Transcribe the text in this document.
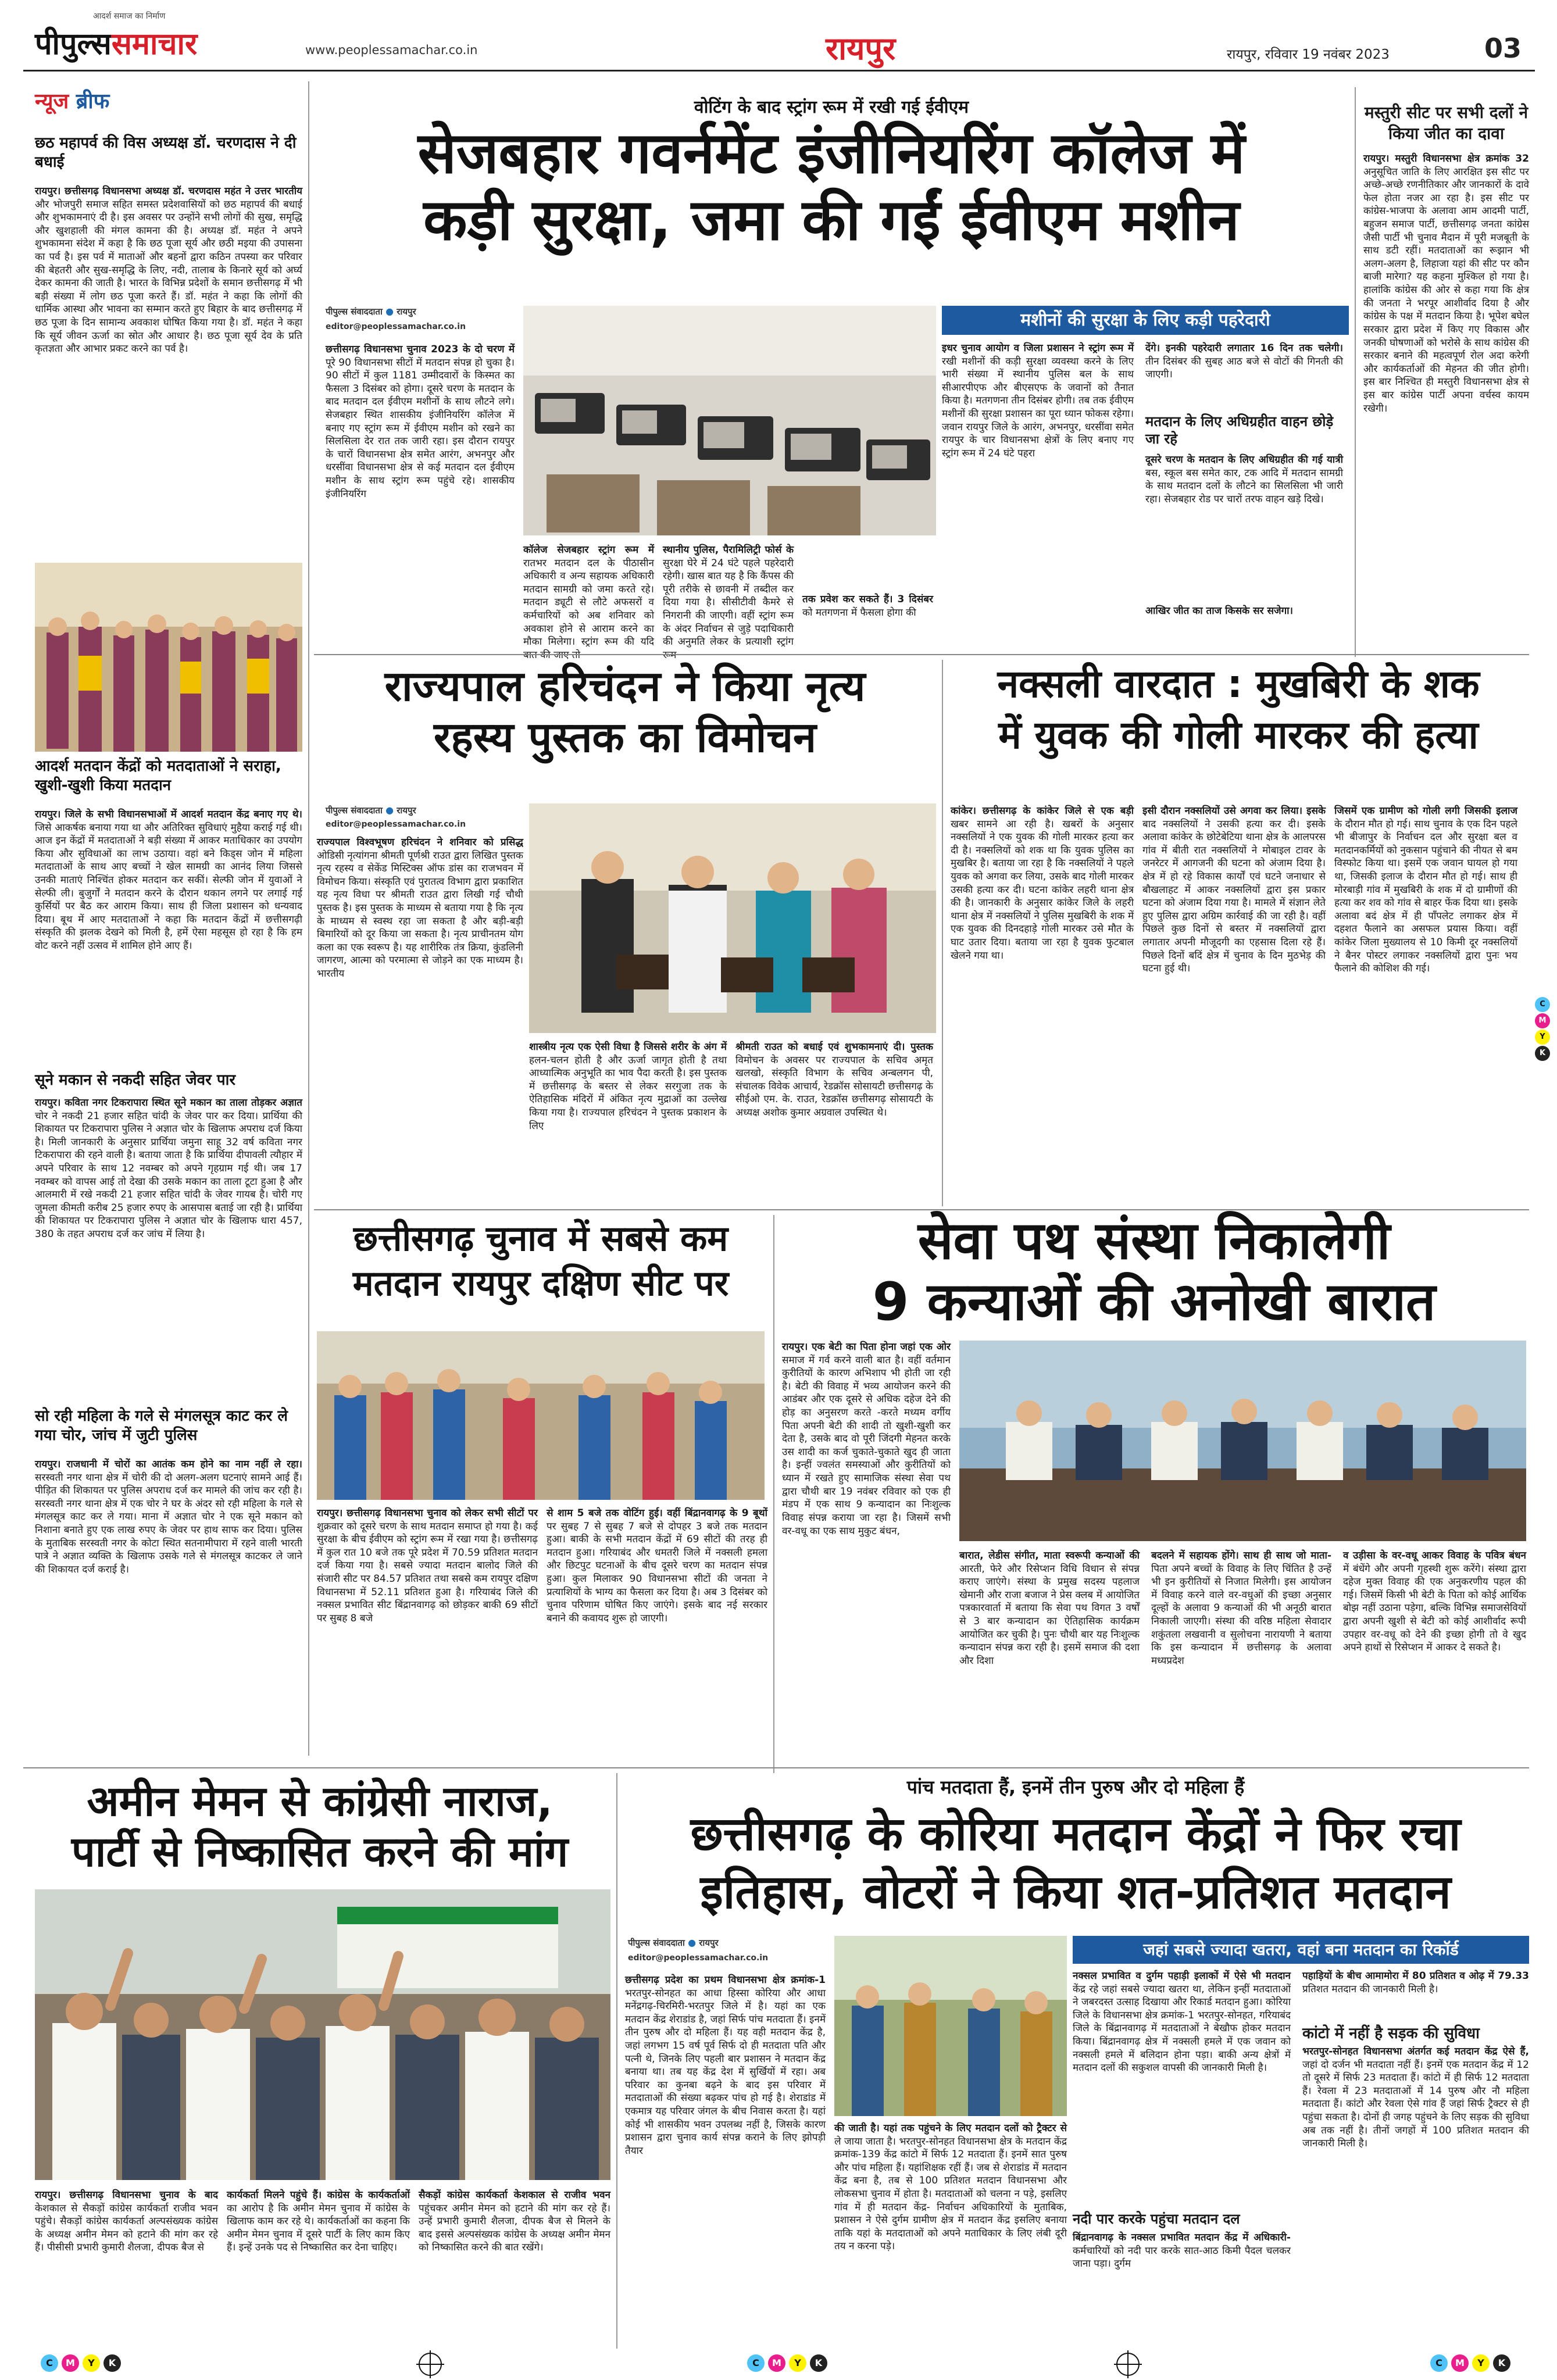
पीपुल्ससमाचार
आदर्श समाज का निर्माण
www.peoplessamachar.co.in	रायपुर	रायपुर, रविवार 19 नवंबर 2023	03
न्यूज ब्रीफ
छठ महापर्व की विस अध्यक्ष डॉ. चरणदास ने दी बधाई

रायपुर। छत्तीसगढ़ विधानसभा अध्यक्ष डॉ. चरणदास महंत ने उत्तर भारतीय और भोजपुरी समाज सहित समस्त प्रदेशवासियों को छठ महापर्व की बधाई और शुभकामनाएं दी है। इस अवसर पर उन्होंने सभी लोगों की सुख, समृद्धि और खुशहाली की मंगल कामना की है। अध्यक्ष डॉ. महंत ने अपने शुभकामना संदेश में कहा है कि छठ पूजा सूर्य और छठी मइया की उपासना का पर्व है। इस पर्व में माताओं और बहनों द्वारा कठिन तपस्या कर परिवार की बेहतरी और सुख-समृद्धि के लिए, नदी, तालाब के किनारे सूर्य को अर्घ्य देकर कामना की जाती है। भारत के विभिन्न प्रदेशों के समान छत्तीसगढ़ में भी बड़ी संख्या में लोग छठ पूजा करते हैं। डॉ. महंत ने कहा कि लोगों की धार्मिक आस्था और भावना का सम्मान करते हुए बिहार के बाद छत्तीसगढ़ में छठ पूजा के दिन सामान्य अवकाश घोषित किया गया है। डॉ. महंत ने कहा कि सूर्य जीवन ऊर्जा का स्रोत और आधार है। छठ पूजा सूर्य देव के प्रति कृतज्ञता और आभार प्रकट करने का पर्व है।

आदर्श मतदान केंद्रों को मतदाताओं ने सराहा, खुशी-खुशी किया मतदान

रायपुर। जिले के सभी विधानसभाओं में आदर्श मतदान केंद्र बनाए गए थे। जिसे आकर्षक बनाया गया था और अतिरिक्त सुविधाएं मुहैया कराई गई थी। आज इन केंद्रों में मतदाताओं ने बड़ी संख्या में आकर मताधिकार का उपयोग किया और सुविधाओं का लाभ उठाया। वहां बने किड्स जोन में महिला मतदाताओं के साथ आए बच्चों ने खेल सामग्री का आनंद लिया जिससे उनकी माताएं निश्चिंत होकर मतदान कर सकीं। सेल्फी जोन में युवाओं ने सेल्फी ली। बुजुर्गों ने मतदान करने के दौरान थकान लगने पर लगाई गई कुर्सियों पर बैठ कर आराम किया। साथ ही जिला प्रशासन को धन्यवाद दिया। बूथ में आए मतदाताओं ने कहा कि मतदान केंद्रों में छत्तीसगढ़ी संस्कृति की झलक देखने को मिली है, हमें ऐसा महसूस हो रहा है कि हम वोट करने नहीं उत्सव में शामिल होने आए हैं।

सूने मकान से नकदी सहित जेवर पार

रायपुर। कविता नगर टिकरापारा स्थित सूने मकान का ताला तोड़कर अज्ञात चोर ने नकदी 21 हजार सहित चांदी के जेवर पार कर दिया। प्रार्थिया की शिकायत पर टिकरापारा पुलिस ने अज्ञात चोर के खिलाफ अपराध दर्ज किया है। मिली जानकारी के अनुसार प्रार्थिया जमुना साहू 32 वर्ष कविता नगर टिकरापारा की रहने वाली है। बताया जाता है कि प्रार्थिया दीपावली त्यौहार में अपने परिवार के साथ 12 नवम्बर को अपने गृहग्राम गई थी। जब 17 नवम्बर को वापस आई तो देखा की उसके मकान का ताला टूटा हुआ है और आलमारी में रखे नकदी 21 हजार सहित चांदी के जेवर गायब है। चोरी गए जुमला कीमती करीब 25 हजार रुपए के आसपास बताई जा रही है। प्रार्थिया की शिकायत पर टिकरापारा पुलिस ने अज्ञात चोर के खिलाफ धारा 457, 380 के तहत अपराध दर्ज कर जांच में लिया है।

सो रही महिला के गले से मंगलसूत्र काट कर ले गया चोर, जांच में जुटी पुलिस

रायपुर। राजधानी में चोरों का आतंक कम होने का नाम नहीं ले रहा। सरस्वती नगर थाना क्षेत्र में चोरी की दो अलग-अलग घटनाएं सामने आई हैं। पीड़ित की शिकायत पर पुलिस अपराध दर्ज कर मामले की जांच कर रही है। सरस्वती नगर थाना क्षेत्र में एक चोर ने घर के अंदर सो रही महिला के गले से मंगलसूत्र काट कर ले गया। माना में अज्ञात चोर ने एक सूने मकान को निशाना बनाते हुए एक लाख रुपए के जेवर पर हाथ साफ कर दिया। पुलिस के मुताबिक सरस्वती नगर के कोटा स्थित सतनामीपारा में रहने वाली भारती पात्रे ने अज्ञात व्यक्ति के खिलाफ उसके गले से मंगलसूत्र काटकर ले जाने की शिकायत दर्ज कराई है।

वोटिंग के बाद स्ट्रांग रूम में रखी गई ईवीएम
सेजबहार गवर्नमेंट इंजीनियरिंग कॉलेज में
कड़ी सुरक्षा, जमा की गईं ईवीएम मशीन
पीपुल्स संवाददाता ● रायपुर
editor@peoplessamachar.co.in

छत्तीसगढ़ विधानसभा चुनाव 2023 के दो चरण में पूरे 90 विधानसभा सीटों में मतदान संपन्न हो चुका है। 90 सीटों में कुल 1181 उम्मीदवारों के किस्मत का फैसला 3 दिसंबर को होगा। दूसरे चरण के मतदान के बाद मतदान दल ईवीएम मशीनों के साथ लौटने लगे। सेजबहार स्थित शासकीय इंजीनियरिंग कॉलेज में बनाए गए स्ट्रांग रूम में ईवीएम मशीन को रखने का सिलसिला देर रात तक जारी रहा। इस दौरान रायपुर के चारों विधानसभा क्षेत्र समेत आरंग, अभनपुर और धरसींवा विधानसभा क्षेत्र से कई मतदान दल ईवीएम मशीन के साथ स्ट्रांग रूम पहुंचे रहे। शासकीय इंजीनियरिंग

कॉलेज सेजबहार स्ट्रांग रूम में रातभर मतदान दल के पीठासीन अधिकारी व अन्य सहायक अधिकारी मतदान सामग्री को जमा करते रहे। मतदान ड्यूटी से लौटे अफसरों व कर्मचारियों को अब शनिवार को अवकाश होने से आराम करने का मौका मिलेगा। स्ट्रांग रूम की यदि

स्थानीय पुलिस, पैरामिलिट्री फोर्स के सुरक्षा घेरे में 24 घंटे पहले पहरेदारी रहेगी। खास बात यह है कि कैंपस की पूरी तरीके से छावनी में तब्दील कर दिया गया है। सीसीटीवी कैमरे से निगरानी की जाएगी। वहीं स्ट्रांग रूम के अंदर निर्वाचन से जुड़े पदाधिकारी की अनुमति लेकर के प्रत्याशी स्ट्रांग

तक प्रवेश कर सकते हैं। 3 दिसंबर को मतगणना में फैसला होगा की

मशीनों की सुरक्षा के लिए कड़ी पहरेदारी

इधर चुनाव आयोग व जिला प्रशासन ने स्ट्रांग रूम में रखी मशीनों की कड़ी सुरक्षा व्यवस्था करने के लिए भारी संख्या में स्थानीय पुलिस बल के साथ सीआरपीएफ और बीएसएफ के जवानों को तैनात किया है। मतगणना तीन दिसंबर होगी। तब तक ईवीएम मशीनों की सुरक्षा प्रशासन का पूरा ध्यान फोकस रहेगा। जवान रायपुर जिले के आरंग, अभनपुर, धरसींवा समेत रायपुर के चार विधानसभा क्षेत्रों के लिए बनाए गए स्ट्रांग रूम में 24 घंटे पहरा

देंगे। इनकी पहरेदारी लगातार 16 दिन तक चलेगी। तीन दिसंबर की सुबह आठ बजे से वोटों की गिनती की जाएगी।

मतदान के लिए अधिग्रहीत वाहन छोड़े जा रहे

दूसरे चरण के मतदान के लिए अधिग्रहीत की गई यात्री बस, स्कूल बस समेत कार, टक आदि में मतदान सामग्री के साथ मतदान दलों के लौटने का सिलसिला भी जारी रहा। सेजबहार रोड पर चारों तरफ वाहन खड़े दिखे।

आखिर जीत का ताज किसके सर सजेगा।

मस्तुरी सीट पर सभी दलों ने किया जीत का दावा

रायपुर। मस्तुरी विधानसभा क्षेत्र क्रमांक 32 अनुसूचित जाति के लिए आरक्षित इस सीट पर अच्छे-अच्छे रणनीतिकार और जानकारों के दावे फेल होता नजर आ रहा है। इस सीट पर कांग्रेस-भाजपा के अलावा आम आदमी पार्टी, बहुजन समाज पार्टी, छत्तीसगढ़ जनता कांग्रेस जैसी पार्टी भी चुनाव मैदान में पूरी मजबूती के साथ डटी रहीं। मतदाताओं का रूझान भी अलग-अलग है, लिहाजा यहां की सीट पर कौन बाजी मारेगा? यह कहना मुश्किल हो गया है। हालांकि कांग्रेस की ओर से कहा गया कि क्षेत्र की जनता ने भरपूर आशीर्वाद दिया है और कांग्रेस के पक्ष में मतदान किया है। भूपेश बघेल सरकार द्वारा प्रदेश में किए गए विकास और जनकी घोषणाओं को भरोसे के साथ कांग्रेस की सरकार बनाने की महत्वपूर्ण रोल अदा करेगी और कार्यकर्ताओं की मेहनत की जीत होगी। इस बार निश्चित ही मस्तुरी विधानसभा क्षेत्र से इस बार कांग्रेस पार्टी अपना वर्चस्व कायम रखेगी।

राज्यपाल हरिचंदन ने किया नृत्य
रहस्य पुस्तक का विमोचन
पीपुल्स संवाददाता ● रायपुर
editor@peoplessamachar.co.in

राज्यपाल विश्वभूषण हरिचंदन ने शनिवार को प्रसिद्ध ओडिसी नृत्यांगना श्रीमती पूर्णश्री राउत द्वारा लिखित पुस्तक नृत्य रहस्य व सेकेंड मिस्टिक्स ऑफ डांस का राजभवन में विमोचन किया। संस्कृति एवं पुरातत्व विभाग द्वारा प्रकाशित यह नृत्य विधा पर श्रीमती राउत द्वारा लिखी गई चौथी पुस्तक है। इस पुस्तक के माध्यम से बताया गया है कि नृत्य के माध्यम से स्वस्थ रहा जा सकता है और बड़ी-बड़ी बिमारियों को दूर किया जा सकता है। नृत्य प्राचीनतम योग कला का एक स्वरूप है। यह शारीरिक तंत्र क्रिया, कुंडलिनी जागरण, आत्मा को परमात्मा से जोड़ने का एक माध्यम है। भारतीय

शास्त्रीय नृत्य एक ऐसी विधा है जिससे शरीर के अंग में हलन-चलन होती है और ऊर्जा जागृत होती है तथा आध्यात्मिक अनुभूति का भाव पैदा करती है। इस पुस्तक में छत्तीसगढ़ के बस्तर से लेकर सरगुजा तक के ऐतिहासिक मंदिरों में अंकित नृत्य मुद्राओं का उल्लेख किया गया है। राज्यपाल हरिचंदन ने पुस्तक प्रकाशन के लिए

श्रीमती राउत को बधाई एवं शुभकामनाएं दी। पुस्तक विमोचन के अवसर पर राज्यपाल के सचिव अमृत खलखो, संस्कृति विभाग के सचिव अन्बलगन पी, संचालक विवेक आचार्य, रेडक्रॉस सोसायटी छत्तीसगढ़ के सीईओ एम. के. राउत, रेडक्रॉस छत्तीसगढ़ सोसायटी के अध्यक्ष अशोक कुमार अग्रवाल उपस्थित थे।

नक्सली वारदात : मुखबिरी के शक
में युवक की गोली मारकर की हत्या

कांकेर। छत्तीसगढ़ के कांकेर जिले से एक बड़ी खबर सामने आ रही है। खबरों के अनुसार नक्सलियों ने एक युवक की गोली मारकर हत्या कर दी है। नक्सलियों को शक था कि युवक पुलिस का मुखबिर है। बताया जा रहा है कि नक्सलियों ने पहले युवक को अगवा कर लिया, उसके बाद गोली मारकर उसकी हत्या कर दी। घटना कांकेर लहरी थाना क्षेत्र की है। जानकारी के अनुसार कांकेर जिले के लहरी थाना क्षेत्र में नक्सलियों ने पुलिस मुखबिरी के शक में एक युवक की दिनदहाड़े गोली मारकर उसे मौत के घाट उतार दिया। बताया जा रहा है युवक फुटबाल खेलने गया था।

इसी दौरान नक्सलियों उसे अगवा कर लिया। इसके बाद नक्सलियों ने उसकी हत्या कर दी। इसके अलावा कांकेर के छोटेबेटिया थाना क्षेत्र के आलपरस गांव में बीती रात नक्सलियों ने मोबाइल टावर के जनरेटर में आगजनी की घटना को अंजाम दिया है। क्षेत्र में हो रहे विकास कार्यों एवं घटने जनाधार से बौखलाहट में आकर नक्सलियों द्वारा इस प्रकार घटना को अंजाम दिया गया है। मामले में संज्ञान लेते हुए पुलिस द्वारा अग्रिम कार्रवाई की जा रही है। वहीं पिछले कुछ दिनों से बस्तर में नक्सलियों द्वारा लगातार अपनी मौजूदगी का एहसास दिला रहे हैं। पिछले दिनों बदिं क्षेत्र में चुनाव के दिन मुठभेड़ की घटना हुई थी।

जिसमें एक ग्रामीण को गोली लगी जिसकी इलाज के दौरान मौत हो गई। साथ चुनाव के एक दिन पहले भी बीजापुर के निर्वाचन दल और सुरक्षा बल व मतदानकर्मियों को नुकसान पहुंचाने की नीयत से बम विस्फोट किया था। इसमें एक जवान घायल हो गया था, जिसकी इलाज के दौरान मौत हो गई। साथ ही मोरबाड़ी गांव में मुखबिरी के शक में दो ग्रामीणों की हत्या कर शव को गांव से बाहर फेंक दिया था। इसके अलावा बदं क्षेत्र में ही पाँपलेट लगाकर क्षेत्र में दहशत फैलाने का असफल प्रयास किया। वहीं कांकेर जिला मुख्यालय से 10 किमी दूर नक्सलियों ने बैनर पोस्टर लगाकर नक्सलियों द्वारा पुनः भय फैलाने की कोशिश की गई।

छत्तीसगढ़ चुनाव में सबसे कम
मतदान रायपुर दक्षिण सीट पर

रायपुर। छत्तीसगढ़ विधानसभा चुनाव को लेकर सभी सीटों पर शुक्रवार को दूसरे चरण के साथ मतदान समाप्त हो गया है। कई सुरक्षा के बीच ईवीएम को स्ट्रांग रूम में रखा गया है। छत्तीसगढ़ में कुल रात 10 बजे तक पूरे प्रदेश में 70.59 प्रतिशत मतदान दर्ज किया गया है। सबसे ज्यादा मतदान बालोद जिले की संजारी सीट पर 84.57 प्रतिशत तथा सबसे कम रायपुर दक्षिण विधानसभा में 52.11 प्रतिशत हुआ है। गरियाबंद जिले की नक्सल प्रभावित सीट बिंद्रानवागढ़ को छोड़कर बाकी 69 सीटों पर सुबह 8 बजे

से शाम 5 बजे तक वोटिंग हुई। वहीं बिंद्रानवागढ़ के 9 बूथों पर सुबह 7 से सुबह 7 बजे से दोपहर 3 बजे तक मतदान हुआ। बाकी के सभी मतदान केंद्रों में 69 सीटों की तरह ही मतदान हुआ। गरियाबंद और धमतरी जिले में नक्सली हमला और छिटपुट घटनाओं के बीच दूसरे चरण का मतदान संपन्न हुआ। कुल मिलाकर 90 विधानसभा सीटों की जनता ने प्रत्याशियों के भाग्य का फैसला कर दिया है। अब 3 दिसंबर को चुनाव परिणाम घोषित किए जाएंगे। इसके बाद नई सरकार बनाने की कवायद शुरू हो जाएगी।

सेवा पथ संस्था निकालेगी
9 कन्याओं की अनोखी बारात

रायपुर। एक बेटी का पिता होना जहां एक ओर समाज में गर्व करने वाली बात है। वहीं वर्तमान कुरीतियों के कारण अभिशाप भी होती जा रही है। बेटी की विवाह में भव्य आयोजन करने की आडंबर और एक दूसरे से अधिक दहेज देने की होड़ का अनुसरण करते -करते मध्यम वर्गीय पिता अपनी बेटी की शादी तो खुशी-खुशी कर देता है, उसके बाद वो पूरी जिंदगी मेहनत करके उस शादी का कर्ज चुकाते-चुकाते खुद ही जाता है। इन्हीं ज्वलंत समस्याओं और कुरीतियों को ध्यान में रखते हुए सामाजिक संस्था सेवा पथ द्वारा चौथी बार 19 नवंबर रविवार को एक ही मंडप में एक साथ 9 कन्यादान का निःशुल्क विवाह संपन्न कराया जा रहा है। जिसमें सभी वर-वधू का एक साथ मुकुट बंधन,

बारात, लेडीस संगीत, माता स्वरूपी कन्याओं की आरती, फेरे और रिसेप्शन विधि विधान से संपन्न कराए जाएंगे। संस्था के प्रमुख सदस्य पहलाज खेमानी और राजा बजाज ने प्रेस क्लब में आयोजित पत्रकारवार्ता में बताया कि सेवा पथ विगत 3 वर्षों से 3 बार कन्यादान का ऐतिहासिक कार्यक्रम आयोजित कर चुकी है। पुनः चौथी बार यह निःशुल्क कन्यादान संपन्न करा रही है। इसमें समाज की दशा और दिशा

बदलने में सहायक होंगे। साथ ही साथ जो माता-पिता अपने बच्चों के विवाह के लिए चिंतित है उन्हें भी इन कुरीतियों से निजात मिलेगी। इस आयोजन में विवाह करने वाले वर-वधुओं की इच्छा अनुसार दूल्हों के अलावा 9 कन्याओं की भी अनूठी बारात निकाली जाएगी। संस्था की वरिष्ठ महिला सेवादार शकुंतला लखवानी व सुलोचना नारायणी ने बताया कि इस कन्यादान में छत्तीसगढ़ के अलावा मध्यप्रदेश

व उड़ीसा के वर-वधू आकर विवाह के पवित्र बंधन में बंधेंगे और अपनी गृहस्थी शुरू करेंगे। संस्था द्वारा दहेज मुक्त विवाह की एक अनुकरणीय पहल की गई। जिसमें किसी भी बेटी के पिता को कोई आर्थिक बोझ नहीं उठाना पड़ेगा, बल्कि विभिन्न समाजसेवियों द्वारा अपनी खुशी से बेटी को कोई आशीर्वाद रूपी उपहार वर-वधू को देने की इच्छा होगी तो वे खुद अपने हाथों से रिसेप्शन में आकर दे सकते है।

अमीन मेमन से कांग्रेसी नाराज,
पार्टी से निष्कासित करने की मांग

रायपुर। छत्तीसगढ़ विधानसभा चुनाव के बाद केशकाल से सैकड़ों कांग्रेस कार्यकर्ता राजीव भवन पहुंचे। सैकड़ों कांग्रेस कार्यकर्ता अल्पसंख्यक कांग्रेस के अध्यक्ष अमीन मेमन को हटाने की मांग कर रहे हैं। पीसीसी प्रभारी कुमारी शैलजा, दीपक बैज से

कार्यकर्ता मिलने पहुंचे हैं। कांग्रेस के कार्यकर्ताओं का आरोप है कि अमीन मेमन चुनाव में कांग्रेस के खिलाफ काम कर रहे थे। कार्यकर्ताओं का कहना कि अमीन मेमन चुनाव में दूसरे पार्टी के लिए काम किए हैं। इन्हें उनके पद से निष्कासित कर देना चाहिए।

सैकड़ों कांग्रेस कार्यकर्ता केशकाल से राजीव भवन पहुंचकर अमीन मेमन को हटाने की मांग कर रहे हैं। उन्हें प्रभारी कुमारी शैलजा, दीपक बैज से मिलने के बाद इससे अल्पसंख्यक कांग्रेस के अध्यक्ष अमीन मेमन को निष्कासित करने की बात रखेंगे।

पांच मतदाता हैं, इनमें तीन पुरुष और दो महिला हैं
छत्तीसगढ़ के कोरिया मतदान केंद्रों ने फिर रचा
इतिहास, वोटरों ने किया शत-प्रतिशत मतदान
पीपुल्स संवाददाता ● रायपुर
editor@peoplessamachar.co.in

छत्तीसगढ़ प्रदेश का प्रथम विधानसभा क्षेत्र क्रमांक-1 भरतपुर-सोनहत का आधा हिस्सा कोरिया और आधा मनेंद्रगढ़-चिरमिरी-भरतपुर जिले में है। यहां का एक मतदान केंद्र शेराडांड है, जहां सिर्फ पांच मतदाता हैं। इनमें तीन पुरुष और दो महिला हैं। यह वही मतदान केंद्र है, जहां लगभग 15 वर्ष पूर्व सिर्फ दो ही मतदाता पति और पत्नी थे, जिनके लिए पहली बार प्रशासन ने मतदान केंद्र बनाया था। तब यह केंद्र देश में सुर्खियों में रहा। अब परिवार का कुनबा बढ़ने के बाद इस परिवार में मतदाताओं की संख्या बढ़कर पांच हो गई है। शेराडांड में एकमात्र यह परिवार जंगल के बीच निवास करता है। यहां कोई भी शासकीय भवन उपलब्ध नहीं है, जिसके कारण प्रशासन द्वारा चुनाव कार्य संपन्न कराने के लिए झोपड़ी तैयार

की जाती है। यहां तक पहुंचने के लिए मतदान दलों को ट्रैक्टर से ले जाया जाता है। भरतपुर-सोनहत विधानसभा क्षेत्र के मतदान केंद्र क्रमांक-139 केंद्र कांटो में सिर्फ 12 मतदाता हैं। इनमें सात पुरुष और पांच महिला हैं। यहांशिक्षक रहीं हैं। जब से शेराडांड में मतदान केंद्र बना है, तब से 100 प्रतिशत मतदान विधानसभा और लोकसभा चुनाव में होता है। मतदाताओं को चलना न पड़े, इसलिए गांव में ही मतदान केंद्र- निर्वाचन अधिकारियों के मुताबिक, प्रशासन ने ऐसे दुर्गम ग्रामीण क्षेत्र में मतदान केंद्र इसलिए बनाया ताकि यहां के मतदाताओं को अपने मताधिकार के लिए लंबी दूरी तय न करना पड़े।

जहां सबसे ज्यादा खतरा, वहां बना मतदान का रिकॉर्ड

नक्सल प्रभावित व दुर्गम पहाड़ी इलाकों में ऐसे भी मतदान केंद्र रहे जहां सबसे ज्यादा खतरा था, लेकिन इन्हीं मतदाताओं ने जबरदस्त उत्साह दिखाया और रिकार्ड मतदान हुआ। कोरिया जिले के विधानसभा क्षेत्र क्रमांक-1 भरतपुर-सोनहत, गरियाबंद जिले के बिंद्रानवागढ़ में मतदाताओं ने बेखौफ होकर मतदान किया। बिंद्रानवागढ़ क्षेत्र में नक्सली हमले में एक जवान को नक्सली हमले में बलिदान होना पड़ा। बाकी अन्य क्षेत्रों में मतदान दलों की सकुशल वापसी की जानकारी मिली है।

नदी पार करके पहुंचा मतदान दल

बिंद्रानवागढ़ के नक्सल प्रभावित मतदान केंद्र में अधिकारी-कर्मचारियों को नदी पार करके सात-आठ किमी पैदल चलकर जाना पड़ा। दुर्गम

पहाड़ियों के बीच आमामोरा में 80 प्रतिशत व ओढ़ में 79.33 प्रतिशत मतदान की जानकारी मिली है।

कांटो में नहीं है सड़क की सुविधा

भरतपुर-सोनहत विधानसभा अंतर्गत कई मतदान केंद्र ऐसे हैं, जहां दो दर्जन भी मतदाता नहीं हैं। इनमें एक मतदान केंद्र में 12 तो दूसरे में सिर्फ 23 मतदाता हैं। कांटो में ही सिर्फ 12 मतदाता हैं। रेवला में 23 मतदाताओं में 14 पुरुष और नौ महिला मतदाता हैं। कांटो और रेवला ऐसे गांव हैं जहां सिर्फ ट्रैक्टर से ही पहुंचा सकता है। दोनों ही जगह पहुंचने के लिए सड़क की सुविधा अब तक नहीं है। तीनों जगहों में 100 प्रतिशत मतदान की जानकारी मिली है।

C
M
Y
K
C	M	Y	K	C	M	Y	K	C	M	Y	K
